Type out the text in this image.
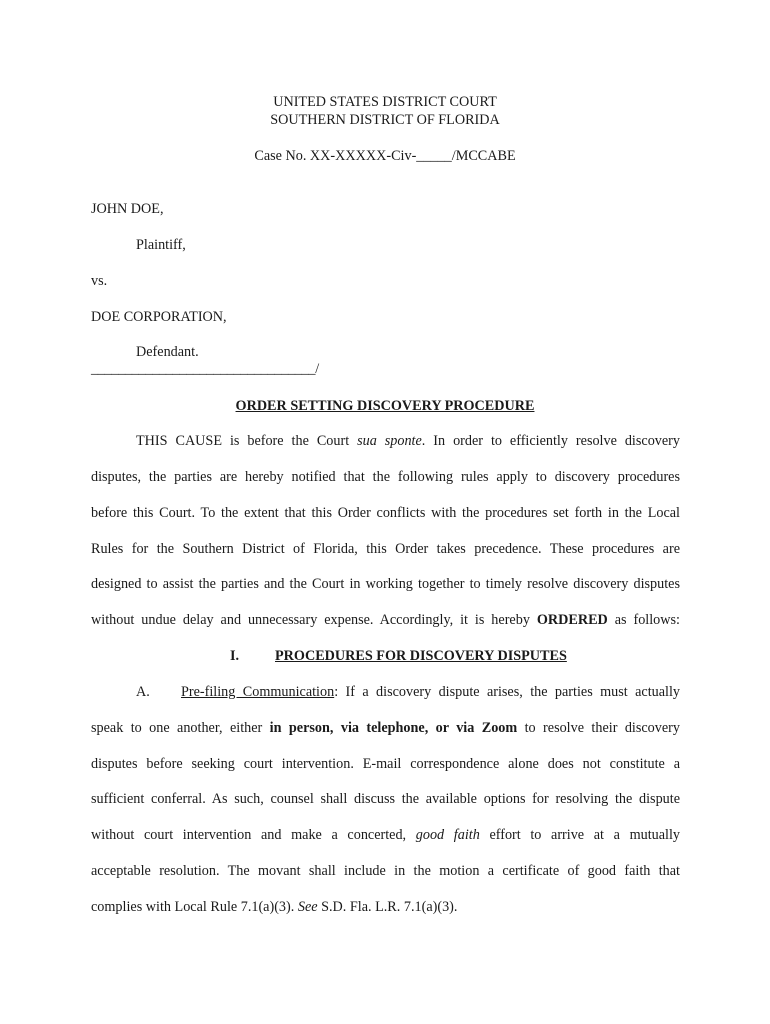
UNITED STATES DISTRICT COURT
SOUTHERN DISTRICT OF FLORIDA
Case No. XX-XXXXX-Civ-_____/MCCABE
JOHN DOE,
Plaintiff,
vs.
DOE CORPORATION,
Defendant.
_________________________________/
ORDER SETTING DISCOVERY PROCEDURE
THIS CAUSE is before the Court sua sponte. In order to efficiently resolve discovery
disputes, the parties are hereby notified that the following rules apply to discovery procedures
before this Court. To the extent that this Order conflicts with the procedures set forth in the Local
Rules for the Southern District of Florida, this Order takes precedence. These procedures are
designed to assist the parties and the Court in working together to timely resolve discovery disputes
without undue delay and unnecessary expense. Accordingly, it is hereby ORDERED as follows:
I.	PROCEDURES FOR DISCOVERY DISPUTES
A. Pre-filing Communication: If a discovery dispute arises, the parties must actually
speak to one another, either in person, via telephone, or via Zoom to resolve their discovery
disputes before seeking court intervention. E-mail correspondence alone does not constitute a
sufficient conferral. As such, counsel shall discuss the available options for resolving the dispute
without court intervention and make a concerted, good faith effort to arrive at a mutually
acceptable resolution. The movant shall include in the motion a certificate of good faith that
complies with Local Rule 7.1(a)(3). See S.D. Fla. L.R. 7.1(a)(3).
